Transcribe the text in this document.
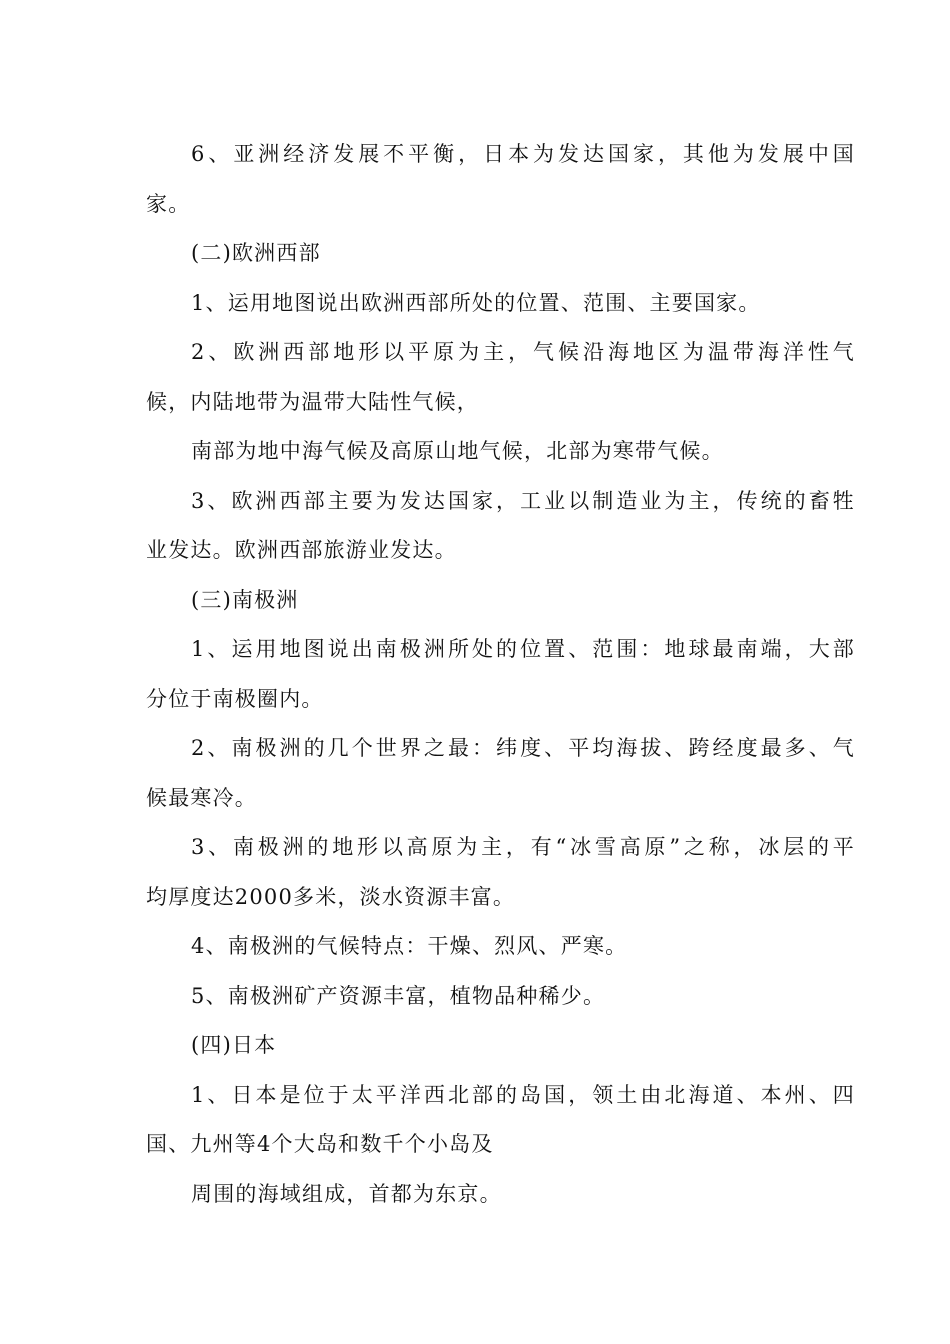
6、亚洲经济发展不平衡，日本为发达国家，其他为发展中国

家。

(二)欧洲西部

1、运用地图说出欧洲西部所处的位置、范围、主要国家。

2、欧洲西部地形以平原为主，气候沿海地区为温带海洋性气

候，内陆地带为温带大陆性气候，

南部为地中海气候及高原山地气候，北部为寒带气候。

3、欧洲西部主要为发达国家，工业以制造业为主，传统的畜牲

业发达。欧洲西部旅游业发达。

(三)南极洲

1、运用地图说出南极洲所处的位置、范围：地球最南端，大部

分位于南极圈内。

2、南极洲的几个世界之最：纬度、平均海拔、跨经度最多、气

候最寒冷。

3、南极洲的地形以高原为主，有“冰雪高原”之称，冰层的平

均厚度达2000多米，淡水资源丰富。

4、南极洲的气候特点：干燥、烈风、严寒。

5、南极洲矿产资源丰富，植物品种稀少。

(四)日本

1、日本是位于太平洋西北部的岛国，领土由北海道、本州、四

国、九州等4个大岛和数千个小岛及

周围的海域组成，首都为东京。
